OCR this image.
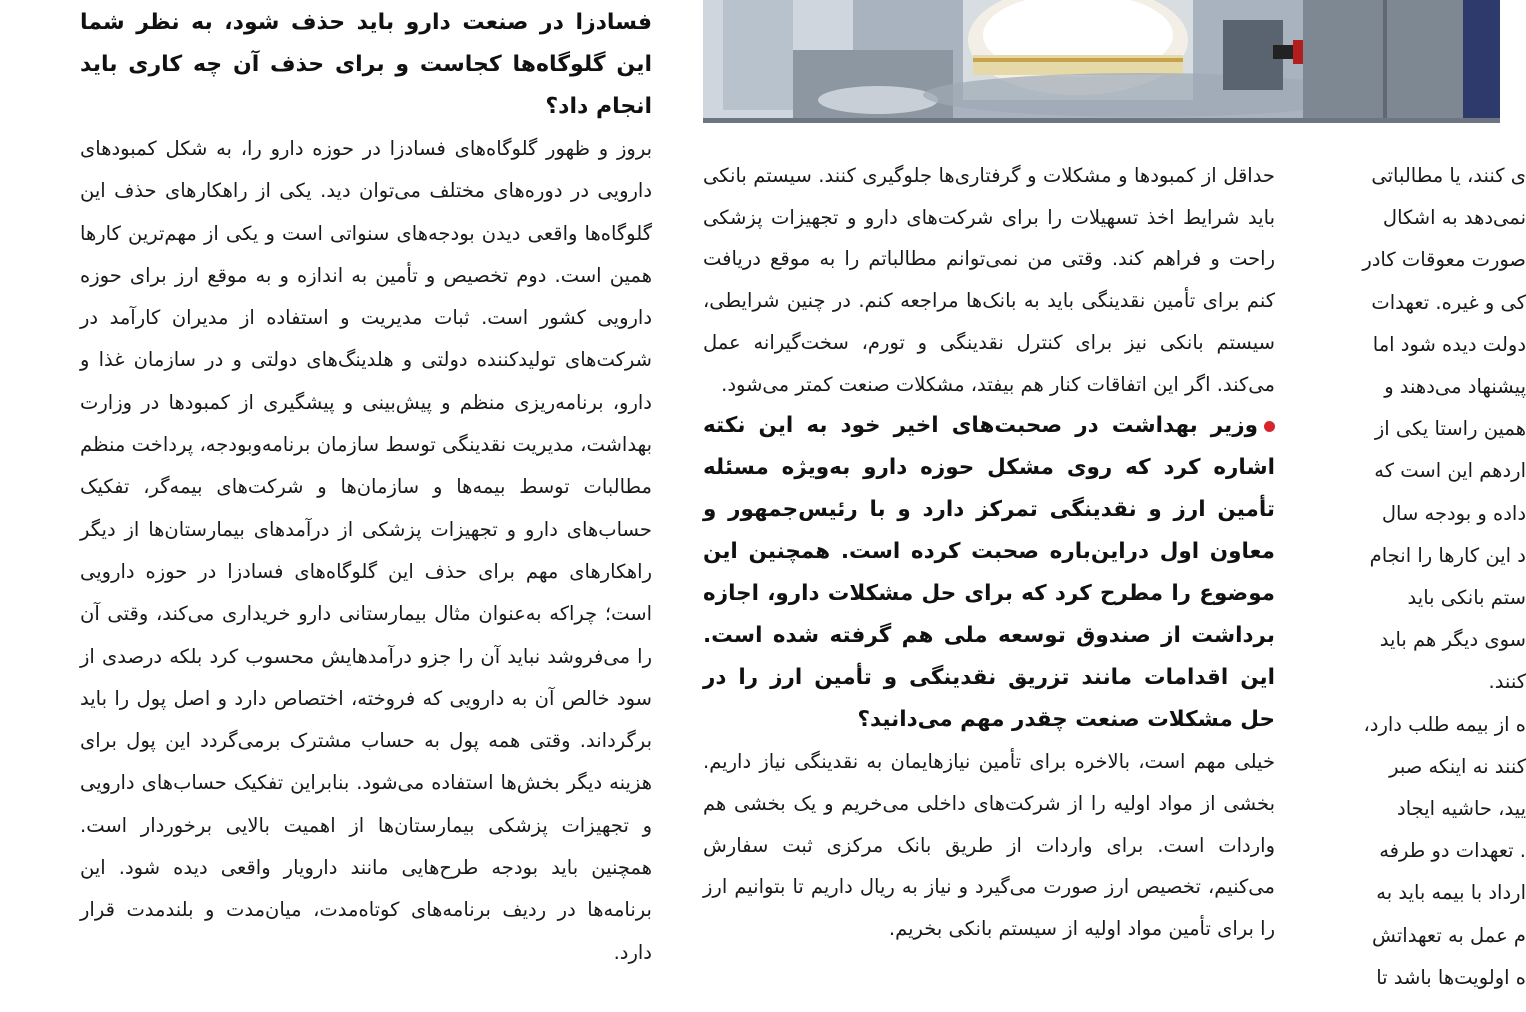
فسادزا در صنعت دارو باید حذف شود، به نظر شما این گلوگاه‌ها کجاست و برای حذف آن چه کاری باید انجام داد؟

بروز و ظهور گلوگاه‌های فسادزا در حوزه دارو را، به شکل کمبودهای دارویی در دوره‌های مختلف می‌توان دید. یکی از راهکارهای حذف این گلوگاه‌ها واقعی دیدن بودجه‌های سنواتی است و یکی از مهم‌ترین کارها همین است. دوم تخصیص و تأمین به اندازه و به موقع ارز برای حوزه دارویی کشور است. ثبات مدیریت و استفاده از مدیران کارآمد در شرکت‌های تولیدکننده دولتی و هلدینگ‌های دولتی و در سازمان غذا و دارو، برنامه‌ریزی منظم و پیش‌بینی و پیشگیری از کمبودها در وزارت بهداشت، مدیریت نقدینگی توسط سازمان برنامه‌وبودجه، پرداخت منظم مطالبات توسط بیمه‌ها و سازمان‌ها و شرکت‌های بیمه‌گر، تفکیک حساب‌های دارو و تجهیزات پزشکی از درآمدهای بیمارستان‌ها از دیگر راهکارهای مهم برای حذف این گلوگاه‌های فسادزا در حوزه دارویی است؛ چراکه به‌عنوان مثال بیمارستانی دارو خریداری می‌کند، وقتی آن را می‌فروشد نباید آن را جزو درآمدهایش محسوب کرد بلکه درصدی از سود خالص آن به دارویی که فروخته، اختصاص دارد و اصل پول را باید برگرداند. وقتی همه پول به حساب مشترک برمی‌گردد این پول برای هزینه دیگر بخش‌ها استفاده می‌شود. بنابراین تفکیک حساب‌های دارویی و تجهیزات پزشکی بیمارستان‌ها از اهمیت بالایی برخوردار است. همچنین باید بودجه طرح‌هایی مانند دارویار واقعی دیده شود. این برنامه‌ها در ردیف برنامه‌های کوتاه‌مدت، میان‌مدت و بلندمدت قرار دارد.

حداقل از کمبودها و مشکلات و گرفتاری‌ها جلوگیری کنند. سیستم بانکی باید شرایط اخذ تسهیلات را برای شرکت‌های دارو و تجهیزات پزشکی راحت و فراهم کند. وقتی من نمی‌توانم مطالباتم را به موقع دریافت کنم برای تأمین نقدینگی باید به بانک‌ها مراجعه کنم. در چنین شرایطی، سیستم بانکی نیز برای کنترل نقدینگی و تورم، سخت‌گیرانه عمل می‌کند. اگر این اتفاقات کنار هم بیفتد، مشکلات صنعت کمتر می‌شود.

وزیر بهداشت در صحبت‌های اخیر خود به این نکته اشاره کرد که روی مشکل حوزه دارو به‌ویژه مسئله تأمین ارز و نقدینگی تمرکز دارد و با رئیس‌جمهور و معاون اول دراین‌باره صحبت کرده است. همچنین این موضوع را مطرح کرد که برای حل مشکلات دارو، اجازه برداشت از صندوق توسعه ملی هم گرفته شده است. این اقدامات مانند تزریق نقدینگی و تأمین ارز را در حل مشکلات صنعت چقدر مهم می‌دانید؟

خیلی مهم است، بالاخره برای تأمین نیازهایمان به نقدینگی نیاز داریم. بخشی از مواد اولیه را از شرکت‌های داخلی می‌خریم و یک بخشی هم واردات است. برای واردات از طریق بانک مرکزی ثبت سفارش می‌کنیم، تخصیص ارز صورت می‌گیرد و نیاز به ریال داریم تا بتوانیم ارز را برای تأمین مواد اولیه از سیستم بانکی بخریم.

ی کنند، یا مطالباتی
نمی‌دهد به اشکال
صورت معوقات کادر
کی و غیره. تعهدات
دولت دیده شود اما
پیشنهاد می‌دهند و
همین راستا یکی از
اردهم این است که
داده و بودجه سال
د این کارها را انجام
ستم بانکی باید
سوی دیگر هم باید
کنند.
ه از بیمه طلب دارد،
کنند نه اینکه صبر
یید، حاشیه ایجاد
. تعهدات دو طرفه
ارداد با بیمه باید به
م عمل به تعهداتش
ه اولویت‌ها باشد تا
